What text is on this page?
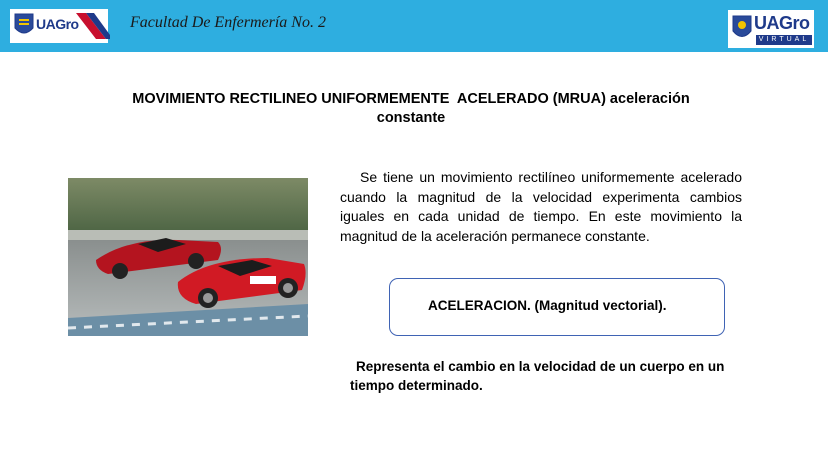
UAGro	Facultad De Enfermería No. 2	UAGro
VIRTUAL
MOVIMIENTO RECTILINEO UNIFORMEMENTE  ACELERADO (MRUA) aceleración
constante
Se tiene un movimiento rectilíneo uniformemente acelerado cuando la magnitud de la velocidad experimenta cambios iguales en cada unidad de tiempo. En este movimiento la magnitud de la aceleración permanece constante.
ACELERACION. (Magnitud vectorial).
Representa el cambio en la velocidad de un cuerpo en un tiempo determinado.
